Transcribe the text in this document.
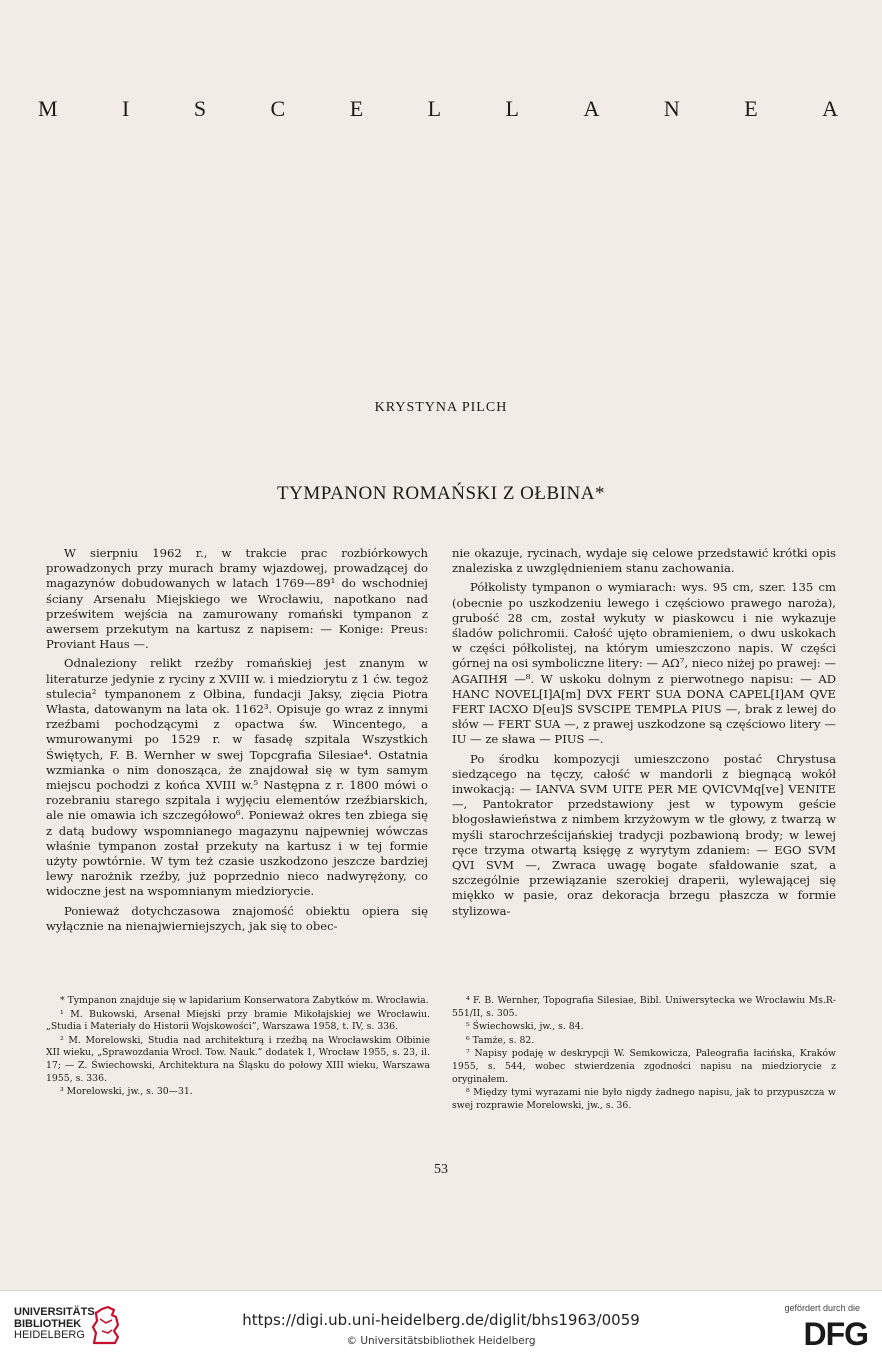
M	I	S	C	E	L	L	A	N	E	A
KRYSTYNA PILCH
TYMPANON ROMAŃSKI Z OŁBINA*

W sierpniu 1962 r., w trakcie prac rozbiórkowych prowadzonych przy murach bramy wjazdowej, prowadzącej do magazynów dobudowanych w latach 1769—89¹ do wschodniej ściany Arsenału Miejskiego we Wrocławiu, napotkano nad prześwitem wejścia na zamurowany romański tympanon z awersem przekutym na kartusz z napisem: — Konige: Preus: Proviant Haus —.

Odnaleziony relikt rzeźby romańskiej jest znanym w literaturze jedynie z ryciny z XVIII w. i miedziorytu z 1 ćw. tegoż stulecia² tympanonem z Ołbina, fundacji Jaksy, zięcia Piotra Własta, datowanym na lata ok. 1162³. Opisuje go wraz z innymi rzeźbami pochodzącymi z opactwa św. Wincentego, a wmurowanymi po 1529 r. w fasadę szpitala Wszystkich Świętych, F. B. Wernher w swej Topcgrafia Silesiae⁴. Ostatnia wzmianka o nim donosząca, że znajdował się w tym samym miejscu pochodzi z końca XVIII w.⁵ Następna z r. 1800 mówi o rozebraniu starego szpitala i wyjęciu elementów rzeźbiarskich, ale nie omawia ich szczegółowo⁶. Ponieważ okres ten zbiega się z datą budowy wspomnianego magazynu najpewniej wówczas właśnie tympanon został przekuty na kartusz i w tej formie użyty powtórnie. W tym też czasie uszkodzono jeszcze bardziej lewy narożnik rzeźby, już poprzednio nieco nadwyrężony, co widoczne jest na wspomnianym miedziorycie.

Ponieważ dotychczasowa znajomość obiektu opiera się wyłącznie na nienajwierniejszych, jak się to obec-

nie okazuje, rycinach, wydaje się celowe przedstawić krótki opis znaleziska z uwzględnieniem stanu zachowania.

Półkolisty tympanon o wymiarach: wys. 95 cm, szer. 135 cm (obecnie po uszkodzeniu lewego i częściowo prawego naroża), grubość 28 cm, został wykuty w piaskowcu i nie wykazuje śladów polichromii. Całość ujęto obramieniem, o dwu uskokach w części półkolistej, na którym umieszczono napis. W części górnej na osi symboliczne litery: — AΩ⁷, nieco niżej po prawej: — AGAПHЯ —⁸. W uskoku dolnym z pierwotnego napisu: — AD HANC NOVEL[I]A[m] DVX FERT SUA DONA CAPEL[I]AM QVE FERT IACXO D[eu]S SVSCIPE TEMPLA PIUS —, brak z lewej do słów — FERT SUA —, z prawej uszkodzone są częściowo litery — IU — ze sława — PIUS —.

Po środku kompozycji umieszczono postać Chrystusa siedzącego na tęczy, całość w mandorli z biegnącą wokół inwokacją: — IANVA SVM UITE PER ME QVICVMq[ve] VENITE —, Pantokrator przedstawiony jest w typowym geście błogosławieństwa z nimbem krzyżowym w tle głowy, z twarzą w myśli starochrześcijańskiej tradycji pozbawioną brody; w lewej ręce trzyma otwartą księgę z wyrytym zdaniem: — EGO SVM QVI SVM —, Zwraca uwagę bogate sfałdowanie szat, a szczególnie przewiązanie szerokiej draperii, wylewającej się miękko w pasie, oraz dekoracja brzegu płaszcza w formie stylizowa-

* Tympanon znajduje się w lapidarium Konserwatora Zabytków m. Wrocławia.

¹ M. Bukowski, Arsenał Miejski przy bramie Mikołajskiej we Wrocławiu. „Studia i Materiały do Historii Wojskowości”, Warszawa 1958, t. IV, s. 336.

² M. Morelowski, Studia nad architekturą i rzeźbą na Wrocławskim Ołbinie XII wieku, „Sprawozdania Wrocł. Tow. Nauk.” dodatek 1, Wrocław 1955, s. 23, il. 17; — Z. Świechowski, Architektura na Śląsku do połowy XIII wieku, Warszawa 1955, s. 336.

³ Morelowski, jw., s. 30—31.

⁴ F. B. Wernher, Topografia Silesiae, Bibl. Uniwersytecka we Wrocławiu Ms.R-551/II, s. 305.

⁵ Świechowski, jw., s. 84.

⁶ Tamże, s. 82.

⁷ Napisy podaję w deskrypcji W. Semkowicza, Paleografia łacińska, Kraków 1955, s. 544, wobec stwierdzenia zgodności napisu na miedziorycie z oryginałem.

⁸ Między tymi wyrazami nie było nigdy żadnego napisu, jak to przypuszcza w swej rozprawie Morelowski, jw., s. 36.

53
UNIVERSITÄTS-
BIBLIOTHEK
HEIDELBERG
https://digi.ub.uni-heidelberg.de/diglit/bhs1963/0059
© Universitätsbibliothek Heidelberg
gefördert durch die
DFG
